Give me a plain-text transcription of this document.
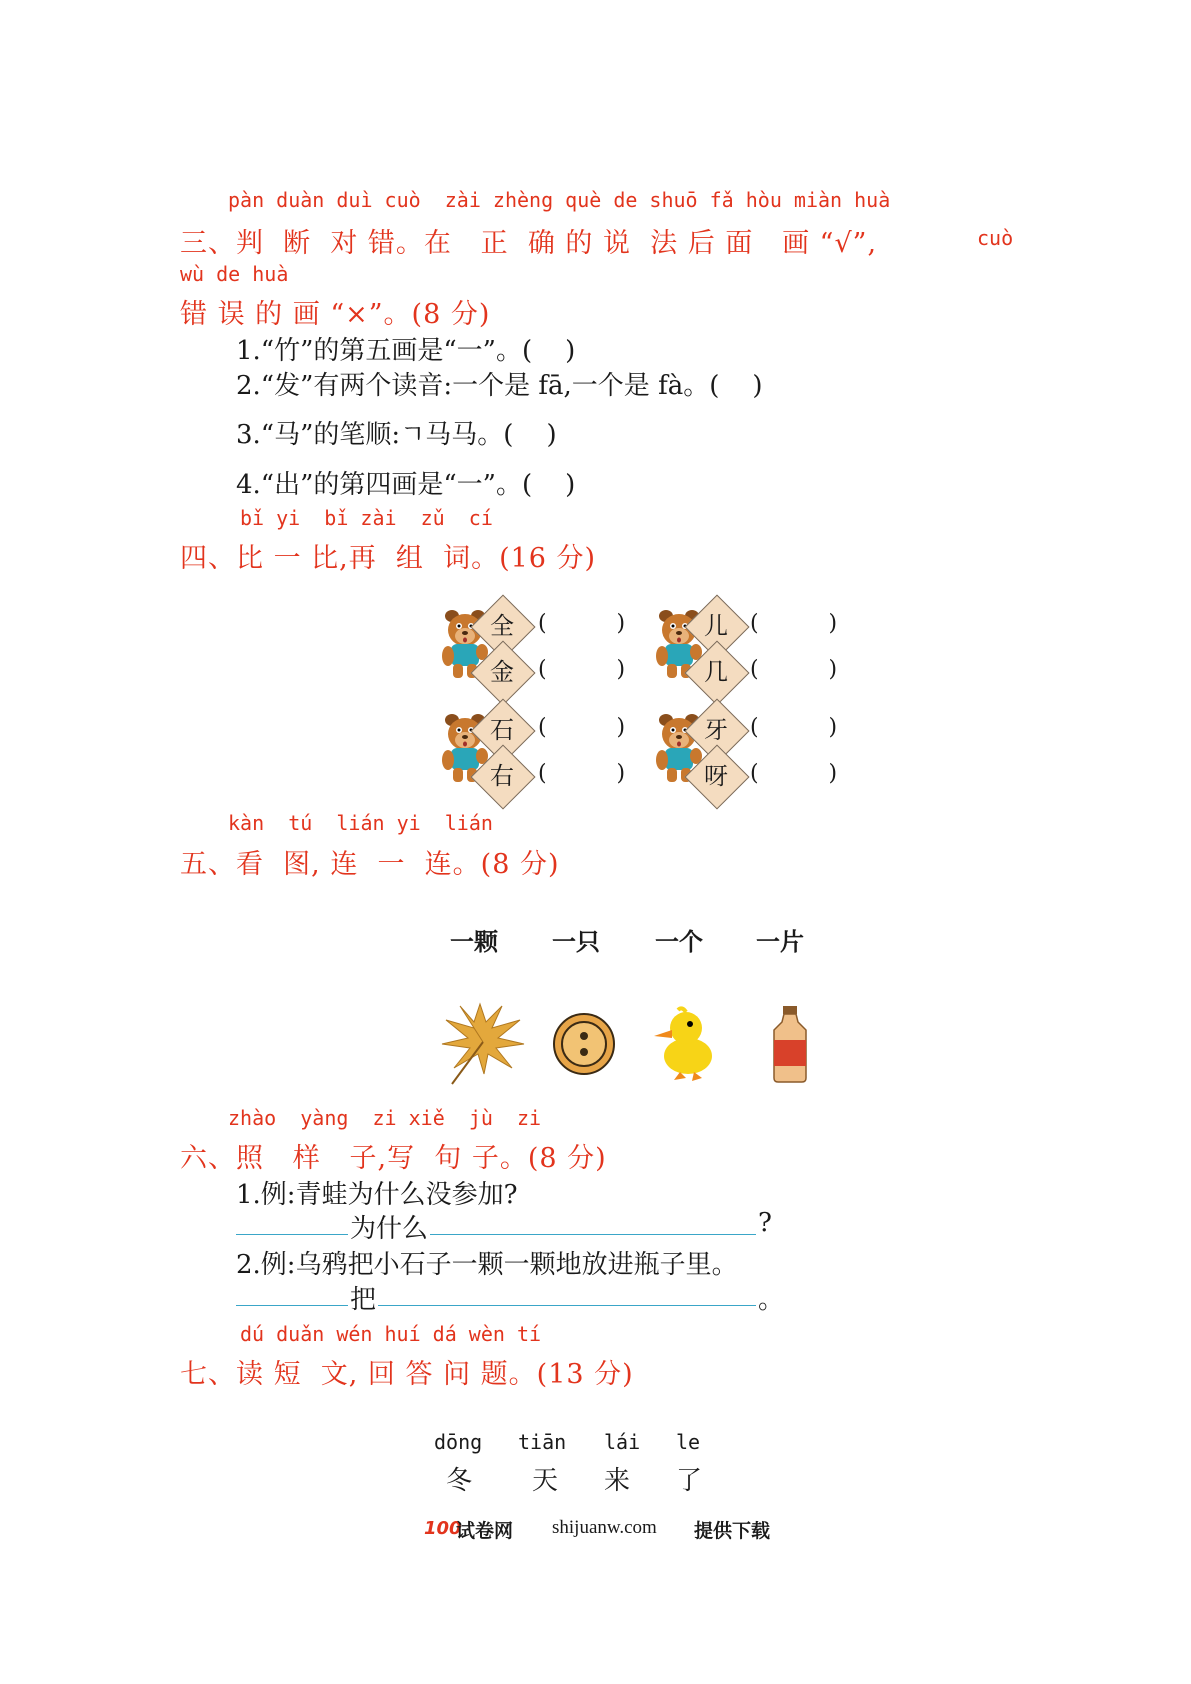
pàn duàn duì cuò  zài zhèng què de shuō fǎ hòu miàn huà
三、判  断  对 错。在   正  确 的 说  法 后 面   画 “√”,	cuò
wù de huà
错 误 的 画 “×”。(8 分)
1.“竹”的第五画是“一”。(    )
2.“发”有两个读音:一个是 fā,一个是 fà。(    )
3.“马”的笔顺:ㄱ马马。(    )
4.“出”的第四画是“一”。(    )
bǐ yi  bǐ zài  zǔ  cí
四、比 一 比,再  组  词。(16 分)
全
金
(          )
(          )
儿
几
(          )
(          )
石
右
(          )
(          )
牙
呀
(          )
(          )
kàn  tú  lián yi  lián
五、看  图, 连  一  连。(8 分)
一颗 一只 一个 一片
zhào  yàng  zi xiě  jù  zi
六、照   样   子,写  句 子。(8 分)
1.例:青蛙为什么没参加?
为什么	?
2.例:乌鸦把小石子一颗一颗地放进瓶子里。
把	。
dú duǎn wén huí dá wèn tí
七、读 短  文, 回 答 问 题。(13 分)
dōng tiān lái le
冬 天 来 了
100
试卷网 shijuanw.com 提供下载
